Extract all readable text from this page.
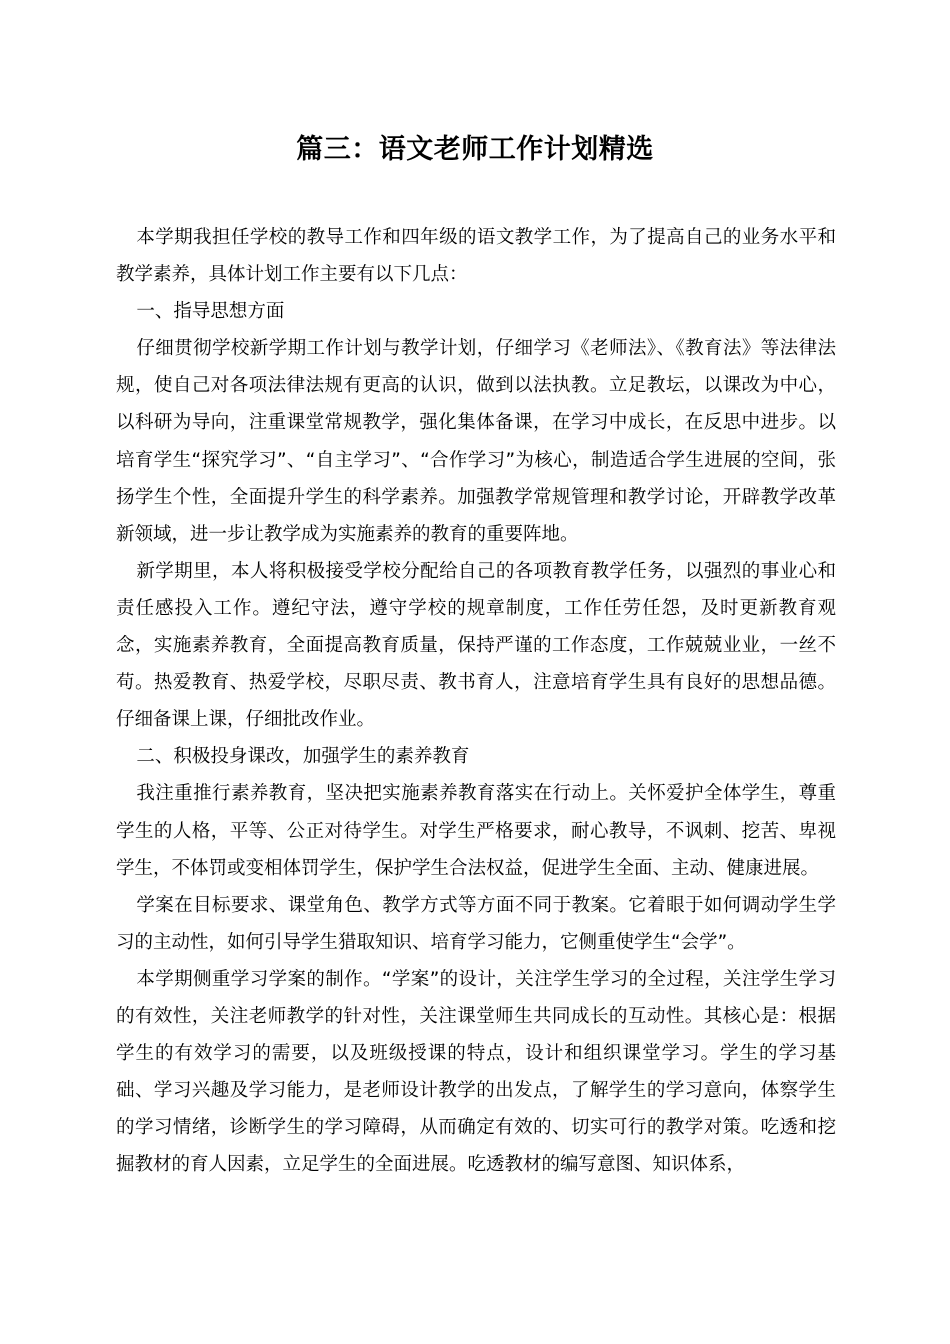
篇三：语文老师工作计划精选

本学期我担任学校的教导工作和四年级的语文教学工作，为了提高自己的业务水平和教学素养，具体计划工作主要有以下几点：

一、指导思想方面

仔细贯彻学校新学期工作计划与教学计划，仔细学习《老师法》、《教育法》等法律法规，使自己对各项法律法规有更高的认识，做到以法执教。立足教坛，以课改为中心，以科研为导向，注重课堂常规教学，强化集体备课，在学习中成长，在反思中进步。以培育学生“探究学习”、“自主学习”、“合作学习”为核心，制造适合学生进展的空间，张扬学生个性，全面提升学生的科学素养。加强教学常规管理和教学讨论，开辟教学改革新领域，进一步让教学成为实施素养的教育的重要阵地。

新学期里，本人将积极接受学校分配给自己的各项教育教学任务，以强烈的事业心和责任感投入工作。遵纪守法，遵守学校的规章制度，工作任劳任怨，及时更新教育观念，实施素养教育，全面提高教育质量，保持严谨的工作态度，工作兢兢业业，一丝不苟。热爱教育、热爱学校，尽职尽责、教书育人，注意培育学生具有良好的思想品德。仔细备课上课，仔细批改作业。

二、积极投身课改，加强学生的素养教育

我注重推行素养教育，坚决把实施素养教育落实在行动上。关怀爱护全体学生，尊重学生的人格，平等、公正对待学生。对学生严格要求，耐心教导，不讽刺、挖苦、卑视学生，不体罚或变相体罚学生，保护学生合法权益，促进学生全面、主动、健康进展。

学案在目标要求、课堂角色、教学方式等方面不同于教案。它着眼于如何调动学生学习的主动性，如何引导学生猎取知识、培育学习能力，它侧重使学生“会学”。

本学期侧重学习学案的制作。“学案”的设计，关注学生学习的全过程，关注学生学习的有效性，关注老师教学的针对性，关注课堂师生共同成长的互动性。其核心是：根据学生的有效学习的需要，以及班级授课的特点，设计和组织课堂学习。学生的学习基础、学习兴趣及学习能力，是老师设计教学的出发点，了解学生的学习意向，体察学生的学习情绪，诊断学生的学习障碍，从而确定有效的、切实可行的教学对策。吃透和挖掘教材的育人因素，立足学生的全面进展。吃透教材的编写意图、知识体系，
